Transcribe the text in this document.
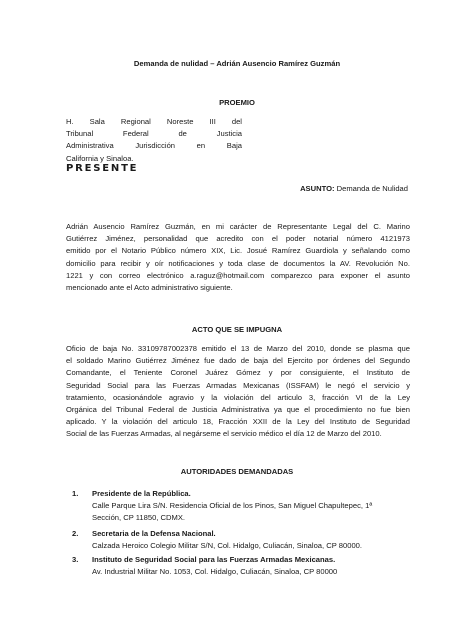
Demanda de nulidad – Adrián Ausencio Ramírez Guzmán
PROEMIO
H. Sala Regional Noreste III del
Tribunal Federal de Justicia
Administrativa Jurisdicción en Baja
California y Sinaloa.
PRESENTE
ASUNTO: Demanda de Nulidad
Adrián Ausencio Ramírez Guzmán, en mi carácter de Representante Legal del C. Marino
Gutiérrez Jiménez, personalidad que acredito con el poder notarial número 4121973
emitido por el Notario Público número XIX, Lic. Josué Ramírez Guardiola y señalando como
domicilio para recibir y oír notificaciones y toda clase de documentos la AV. Revolución No.
1221 y con correo electrónico a.raguz@hotmail.com comparezco para exponer el asunto
mencionado ante el Acto administrativo siguiente.
ACTO QUE SE IMPUGNA
Oficio de baja No. 33109787002378 emitido el 13 de Marzo del 2010, donde se plasma que
el soldado Marino Gutiérrez Jiménez fue dado de baja del Ejercito por órdenes del Segundo
Comandante, el Teniente Coronel Juárez Gómez y por consiguiente, el Instituto de
Seguridad Social para las Fuerzas Armadas Mexicanas (ISSFAM) le negó el servicio y
tratamiento, ocasionándole agravio y la violación del articulo 3, fracción VI de la Ley
Orgánica del Tribunal Federal de Justicia Administrativa ya que el procedimiento no fue bien
aplicado. Y la violación del articulo 18, Fracción XXII de la Ley del Instituto de Seguridad
Social de las Fuerzas Armadas, al negárseme el servicio médico el día 12 de Marzo del 2010.
AUTORIDADES DEMANDADAS
1. Presidente de la República.
Calle Parque Lira S/N. Residencia Oficial de los Pinos, San Miguel Chapultepec, 1ª
Sección, CP 11850, CDMX.
2. Secretaria de la Defensa Nacional.
Calzada Heroico Colegio Militar S/N, Col. Hidalgo, Culiacán, Sinaloa, CP 80000.
3. Instituto de Seguridad Social para las Fuerzas Armadas Mexicanas.
Av. Industrial Militar No. 1053, Col. Hidalgo, Culiacán, Sinaloa, CP 80000
